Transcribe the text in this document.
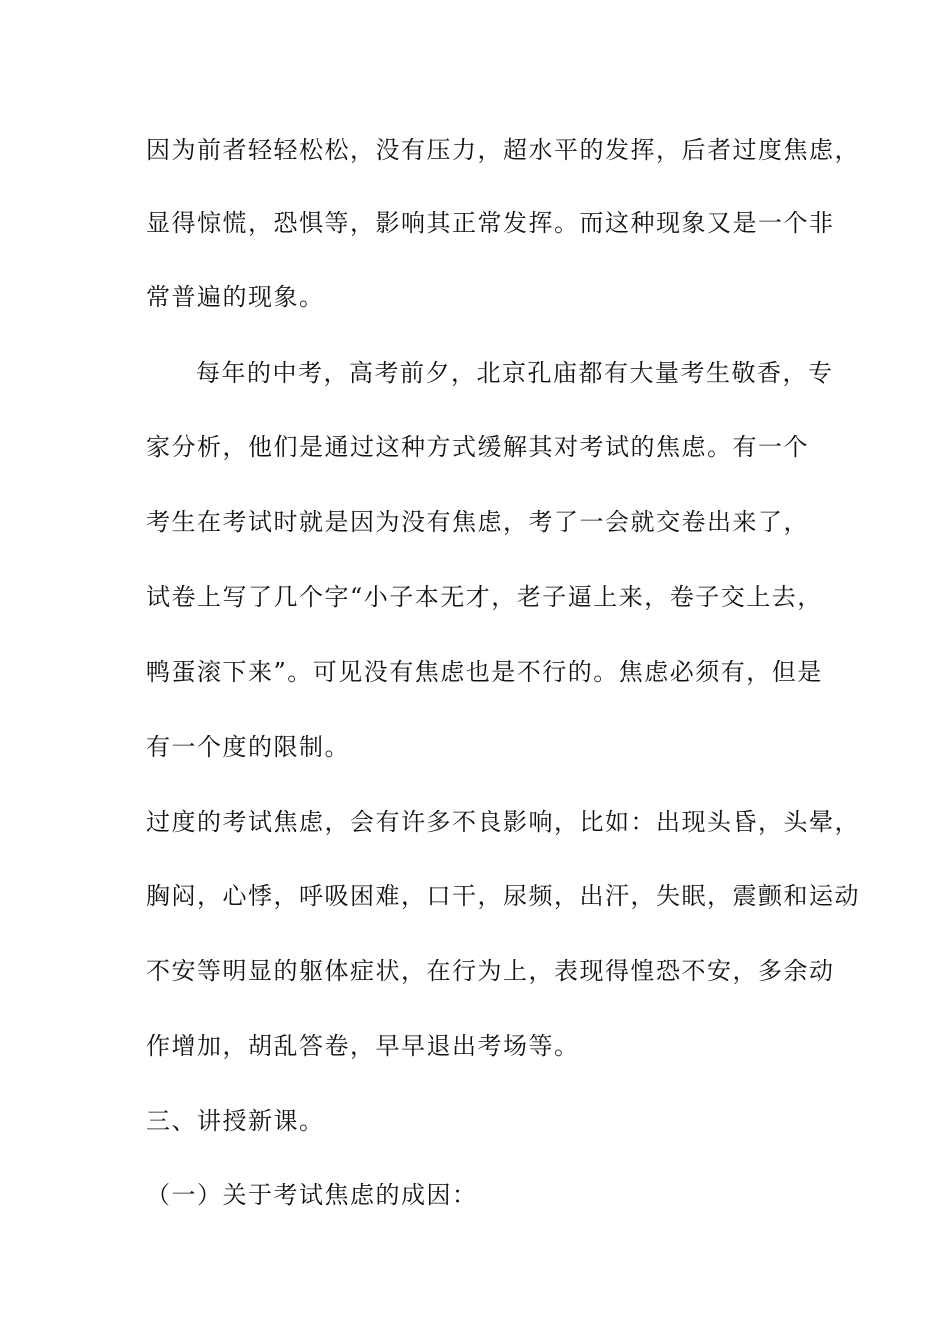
因为前者轻轻松松，没有压力，超水平的发挥，后者过度焦虑，
显得惊慌，恐惧等，影响其正常发挥。而这种现象又是一个非
常普遍的现象。
每年的中考，高考前夕，北京孔庙都有大量考生敬香，专
家分析，他们是通过这种方式缓解其对考试的焦虑。有一个
考生在考试时就是因为没有焦虑，考了一会就交卷出来了，
试卷上写了几个字“小子本无才，老子逼上来，卷子交上去，
鸭蛋滚下来”。可见没有焦虑也是不行的。焦虑必须有，但是
有一个度的限制。
过度的考试焦虑，会有许多不良影响，比如：出现头昏，头晕，
胸闷，心悸，呼吸困难，口干，尿频，出汗，失眠，震颤和运动
不安等明显的躯体症状，在行为上，表现得惶恐不安，多余动
作增加，胡乱答卷，早早退出考场等。
三、讲授新课。
（一）关于考试焦虑的成因：
